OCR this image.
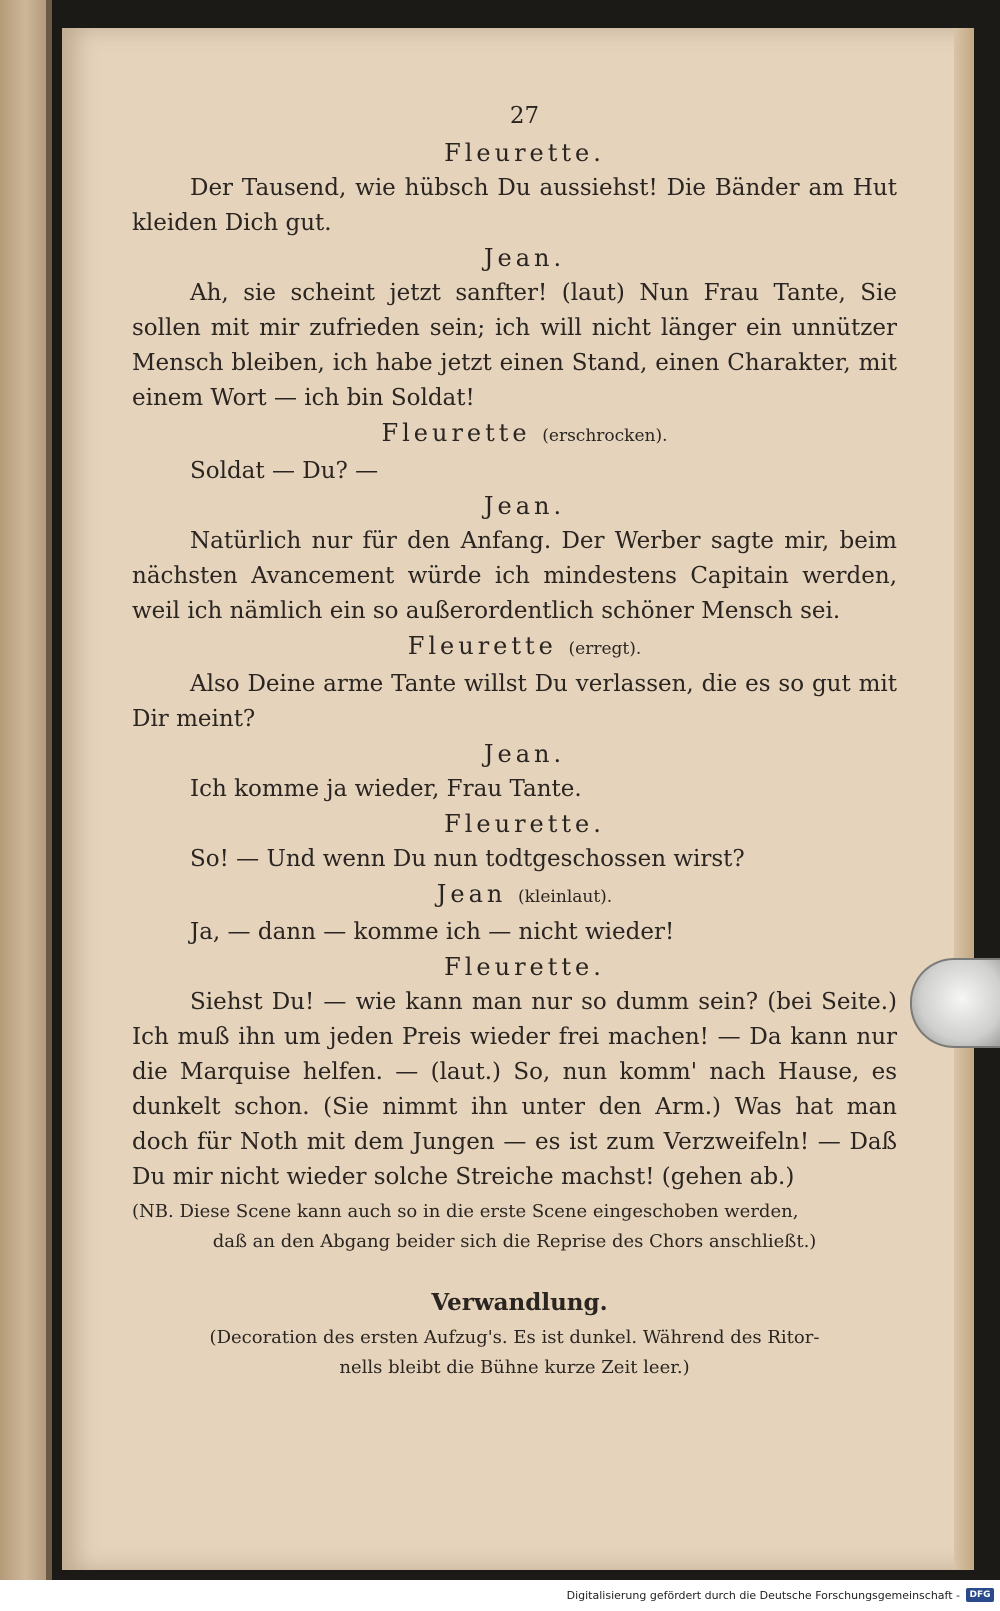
27
Fleurette.
Der Tausend, wie hübsch Du aussiehst! Die Bänder am Hut kleiden Dich gut.
Jean.
Ah, sie scheint jetzt sanfter! (laut) Nun Frau Tante, Sie sollen mit mir zufrieden sein; ich will nicht länger ein unnützer Mensch bleiben, ich habe jetzt einen Stand, einen Charakter, mit einem Wort — ich bin Soldat!
Fleurette (erschrocken).
Soldat — Du? —
Jean.
Natürlich nur für den Anfang. Der Werber sagte mir, beim nächsten Avancement würde ich mindestens Capitain werden, weil ich nämlich ein so außerordentlich schöner Mensch sei.
Fleurette (erregt).
Also Deine arme Tante willst Du verlassen, die es so gut mit Dir meint?
Jean.
Ich komme ja wieder, Frau Tante.
Fleurette.
So! — Und wenn Du nun todtgeschossen wirst?
Jean (kleinlaut).
Ja, — dann — komme ich — nicht wieder!
Fleurette.
Siehst Du! — wie kann man nur so dumm sein? (bei Seite.) Ich muß ihn um jeden Preis wieder frei machen! — Da kann nur die Marquise helfen. — (laut.) So, nun komm' nach Hause, es dunkelt schon. (Sie nimmt ihn unter den Arm.) Was hat man doch für Noth mit dem Jungen — es ist zum Verzweifeln! — Daß Du mir nicht wieder solche Streiche machst! (gehen ab.)
(NB. Diese Scene kann auch so in die erste Scene eingeschoben werden,
daß an den Abgang beider sich die Reprise des Chors anschließt.)
Verwandlung.
(Decoration des ersten Aufzug's. Es ist dunkel. Während des Ritor-
nells bleibt die Bühne kurze Zeit leer.)
Digitalisierung gefördert durch die Deutsche Forschungsgemeinschaft -	DFG
